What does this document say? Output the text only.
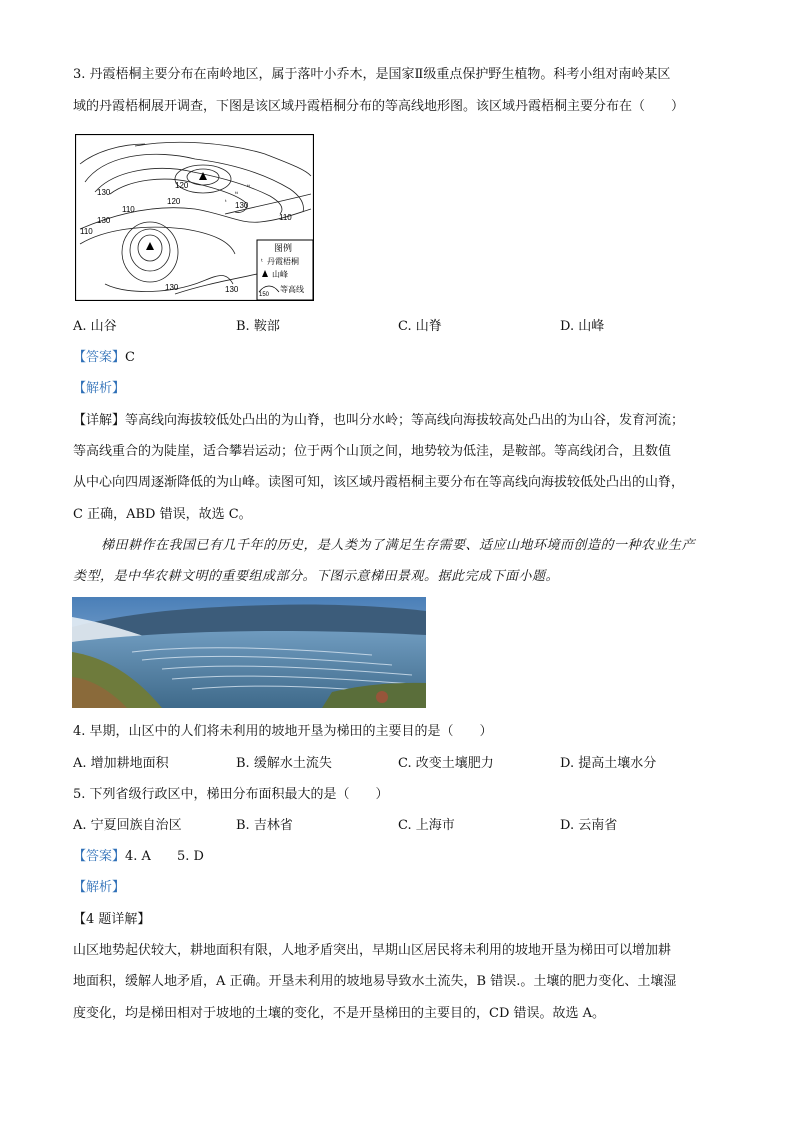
3. 丹霞梧桐主要分布在南岭地区，属于落叶小乔木，是国家Ⅱ级重点保护野生植物。科考小组对南岭某区
域的丹霞梧桐展开调查，下图是该区域丹霞梧桐分布的等高线地形图。该区域丹霞梧桐主要分布在（　　）
ᵗᵗ
ᵗᵗ
ᵗ
120
130
120
110	130
110
130
110
130	130
图例
ᵗ 丹霞梧桐
山峰
150
等高线
A. 山谷	B. 鞍部	C. 山脊	D. 山峰
【答案】C
【解析】
【详解】等高线向海拔较低处凸出的为山脊，也叫分水岭；等高线向海拔较高处凸出的为山谷，发育河流；
等高线重合的为陡崖，适合攀岩运动；位于两个山顶之间，地势较为低洼，是鞍部。等高线闭合，且数值
从中心向四周逐渐降低的为山峰。读图可知，该区域丹霞梧桐主要分布在等高线向海拔较低处凸出的山脊，
C 正确，ABD 错误，故选 C。
梯田耕作在我国已有几千年的历史，是人类为了满足生存需要、适应山地环境而创造的一种农业生产
类型，是中华农耕文明的重要组成部分。下图示意梯田景观。据此完成下面小题。
4. 早期，山区中的人们将未利用的坡地开垦为梯田的主要目的是（　　）
A. 增加耕地面积	B. 缓解水土流失	C. 改变土壤肥力	D. 提高土壤水分
5. 下列省级行政区中，梯田分布面积最大的是（　　）
A. 宁夏回族自治区	B. 吉林省	C. 上海市	D. 云南省
【答案】4. A 5. D
【解析】
【4 题详解】
山区地势起伏较大，耕地面积有限，人地矛盾突出，早期山区居民将未利用的坡地开垦为梯田可以增加耕
地面积，缓解人地矛盾，A 正确。开垦未利用的坡地易导致水土流失，B 错误.。土壤的肥力变化、土壤湿
度变化，均是梯田相对于坡地的土壤的变化，不是开垦梯田的主要目的，CD 错误。故选 A。
